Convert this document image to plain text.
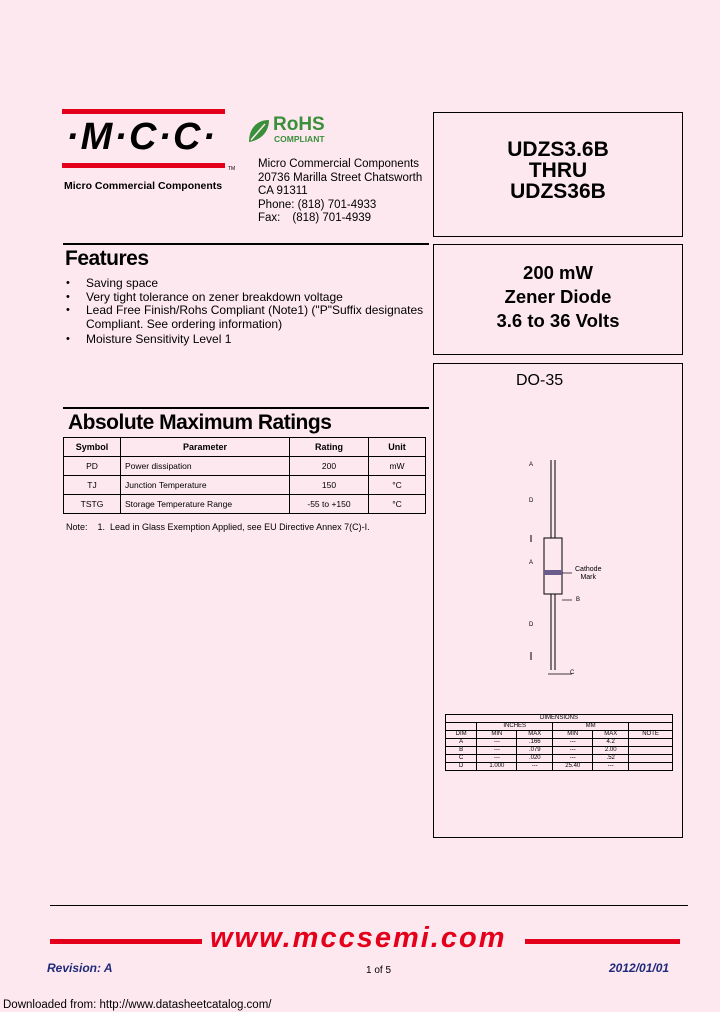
·M·C·C·
TM
Micro Commercial Components
RoHS
COMPLIANT
Micro Commercial Components
20736 Marilla Street Chatsworth
CA 91311
Phone: (818) 701-4933
Fax: (818) 701-4939
UDZS3.6B
THRU
UDZS36B
200 mW
Zener Diode
3.6 to 36 Volts
Features
• Saving space
• Very tight tolerance on zener breakdown voltage
• Lead Free Finish/Rohs Compliant (Note1) ("P"Suffix designates
Compliant. See ordering information)
• Moisture Sensitivity Level 1
Absolute Maximum Ratings
Symbol	Parameter	Rating	Unit
PD	Power dissipation	200	mW
TJ	Junction Temperature	150	°C
TSTG	Storage Temperature Range	-55 to +150	°C
Note:    1.  Lead in Glass Exemption Applied, see EU Directive Annex 7(C)-I.
DO-35
A
D
A
D
B
C
Cathode
Mark
DIMENSIONS					
	INCHES		MM		
DIM	MIN	MAX	MIN	MAX	NOTE
A	---	.166	---	4.2	
B	---	.079	---	2.00	
C	---	.020	---	.52	
D	1.000	---	25.40	---	
www.mccsemi.com
Revision: A	1 of 5	2012/01/01
Downloaded from: http://www.datasheetcatalog.com/
